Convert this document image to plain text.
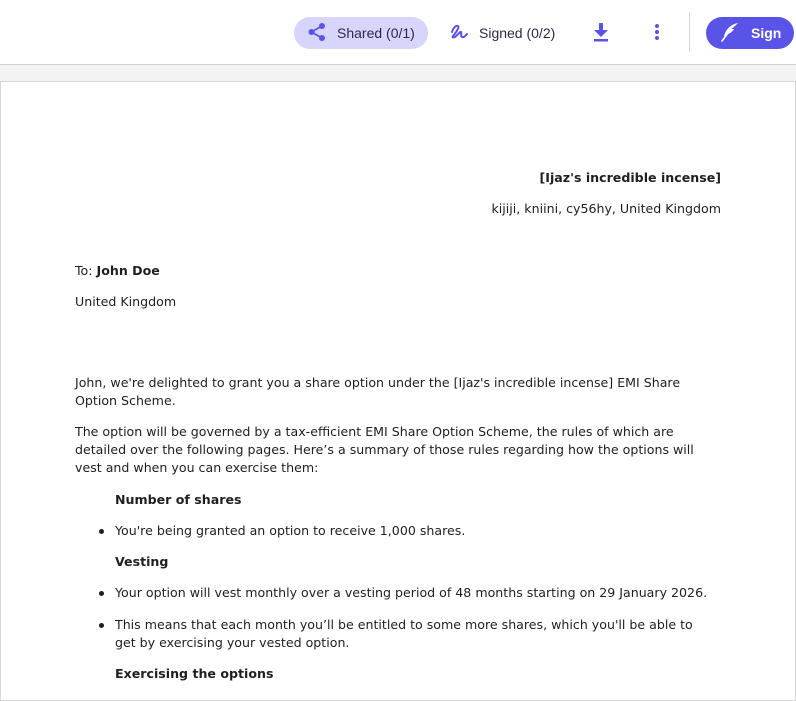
Shared (0/1)	Signed (0/2)	Sign

[Ijaz's incredible incense]

kijiji, kniini, cy56hy, United Kingdom

To: John Doe

United Kingdom

John, we're delighted to grant you a share option under the [Ijaz's incredible incense] EMI Share Option Scheme.

The option will be governed by a tax-efficient EMI Share Option Scheme, the rules of which are detailed over the following pages. Here’s a summary of those rules regarding how the options will vest and when you can exercise them:

Number of shares

You're being granted an option to receive 1,000 shares.

Vesting

Your option will vest monthly over a vesting period of 48 months starting on 29 January 2026.

This means that each month you’ll be entitled to some more shares, which you'll be able to get by exercising your vested option.

Exercising the options
